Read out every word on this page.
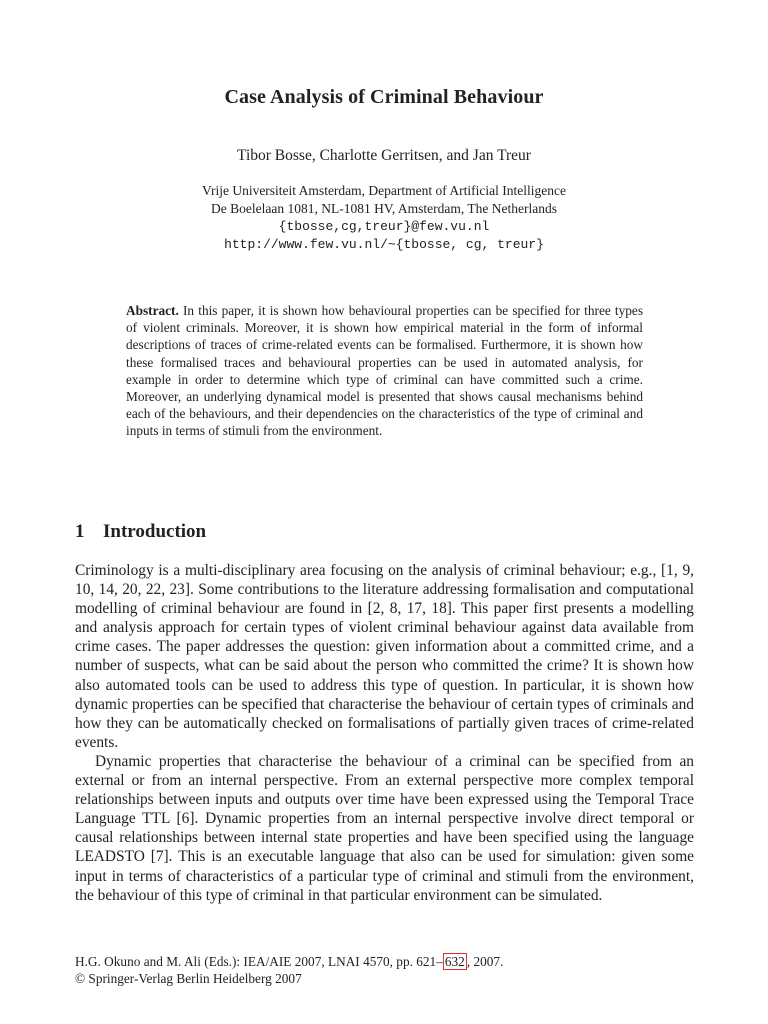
Case Analysis of Criminal Behaviour
Tibor Bosse, Charlotte Gerritsen, and Jan Treur
Vrije Universiteit Amsterdam, Department of Artificial Intelligence
De Boelelaan 1081, NL-1081 HV, Amsterdam, The Netherlands
{tbosse,cg,treur}@few.vu.nl
http://www.few.vu.nl/~{tbosse, cg, treur}
Abstract. In this paper, it is shown how behavioural properties can be specified for three types of violent criminals. Moreover, it is shown how empirical material in the form of informal descriptions of traces of crime-related events can be formalised. Furthermore, it is shown how these formalised traces and behavioural properties can be used in automated analysis, for example in order to determine which type of criminal can have committed such a crime. Moreover, an underlying dynamical model is presented that shows causal mechanisms behind each of the behaviours, and their dependencies on the characteristics of the type of criminal and inputs in terms of stimuli from the environment.
1 Introduction

Criminology is a multi-disciplinary area focusing on the analysis of criminal behaviour; e.g., [1, 9, 10, 14, 20, 22, 23]. Some contributions to the literature addressing formalisation and computational modelling of criminal behaviour are found in [2, 8, 17, 18]. This paper first presents a modelling and analysis approach for certain types of violent criminal behaviour against data available from crime cases. The paper addresses the question: given information about a committed crime, and a number of suspects, what can be said about the person who committed the crime? It is shown how also automated tools can be used to address this type of question. In particular, it is shown how dynamic properties can be specified that characterise the behaviour of certain types of criminals and how they can be automatically checked on formalisations of partially given traces of crime-related events.

Dynamic properties that characterise the behaviour of a criminal can be specified from an external or from an internal perspective. From an external perspective more complex temporal relationships between inputs and outputs over time have been expressed using the Temporal Trace Language TTL [6]. Dynamic properties from an internal perspective involve direct temporal or causal relationships between internal state properties and have been specified using the language LEADSTO [7]. This is an executable language that also can be used for simulation: given some input in terms of characteristics of a particular type of criminal and stimuli from the environment, the behaviour of this type of criminal in that particular environment can be simulated.

H.G. Okuno and M. Ali (Eds.): IEA/AIE 2007, LNAI 4570, pp. 621– 632 , 2007.
© Springer-Verlag Berlin Heidelberg 2007
